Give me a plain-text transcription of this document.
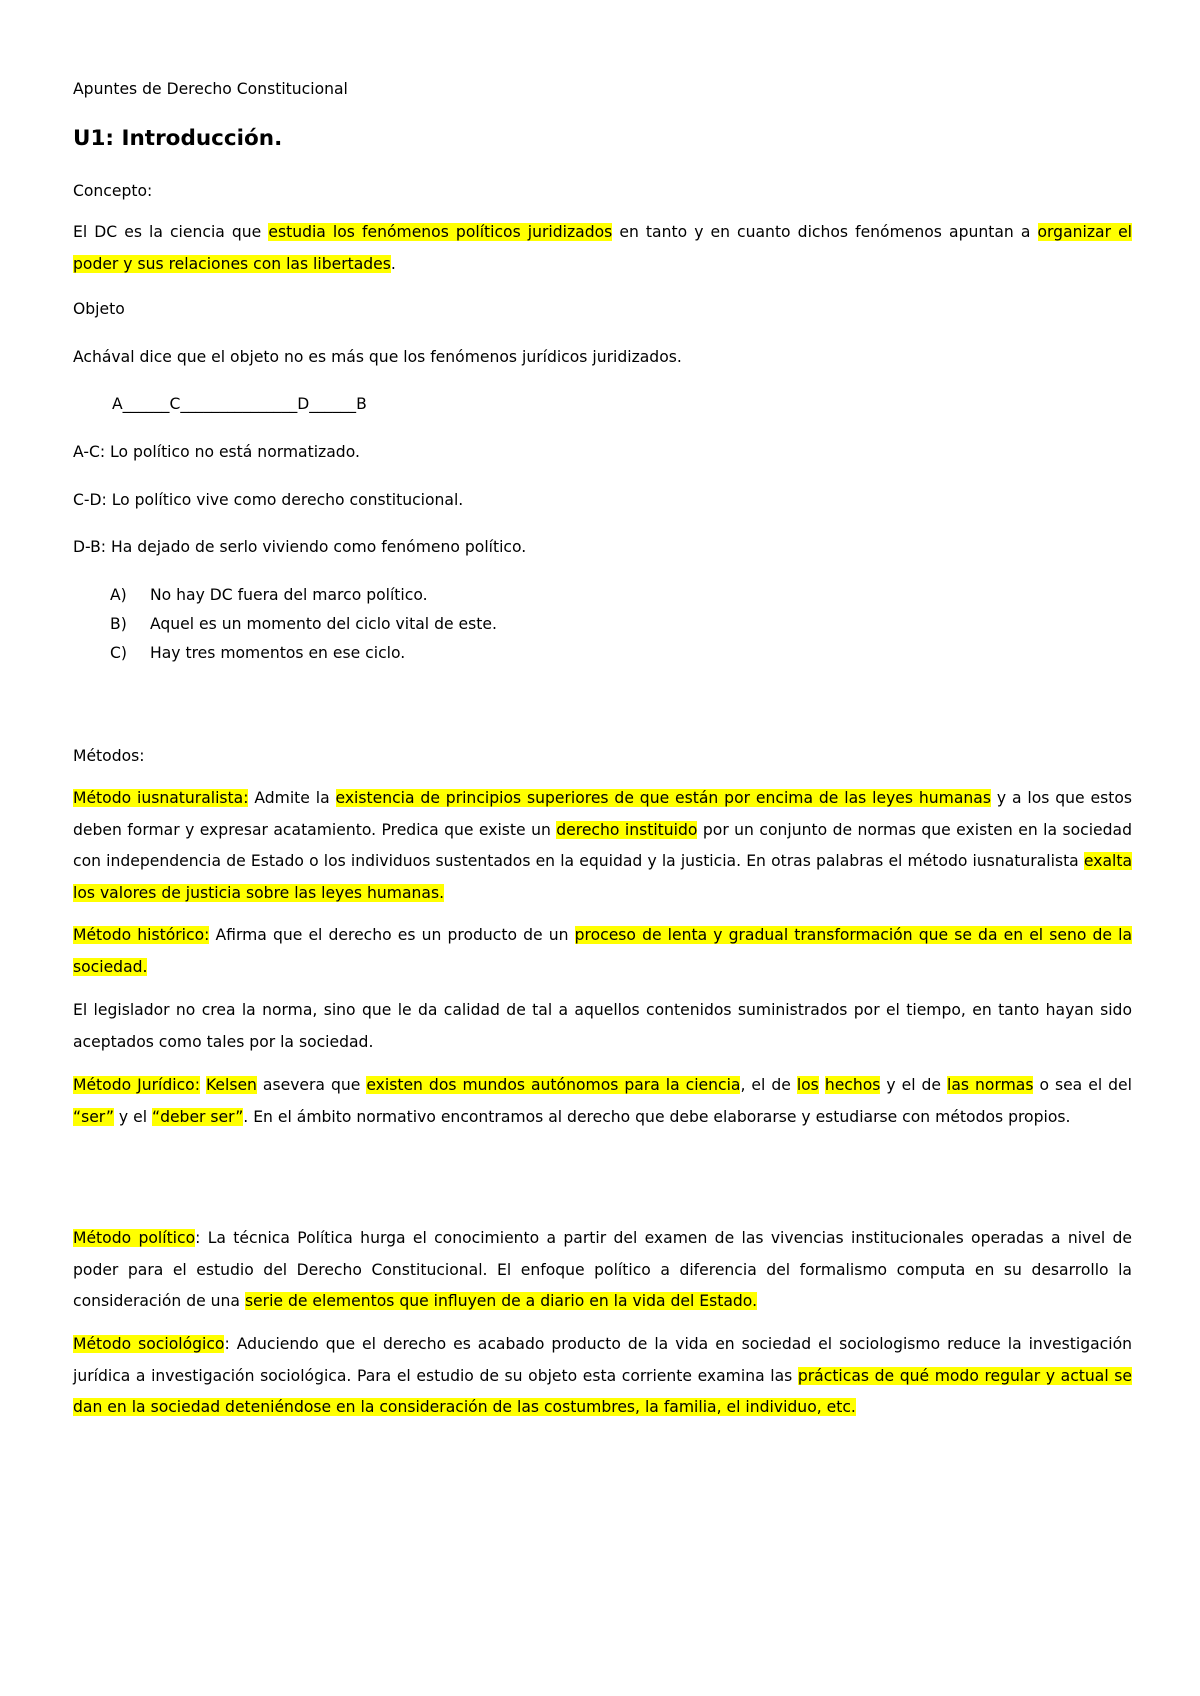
Apuntes de Derecho Constitucional
U1: Introducción.
Concepto:
El DC es la ciencia que estudia los fenómenos políticos juridizados en tanto y en cuanto dichos fenómenos apuntan a organizar el poder y sus relaciones con las libertades.
Objeto
Achával dice que el objeto no es más que los fenómenos jurídicos juridizados.
A______C_______________D______B
A-C: Lo político no está normatizado.
C-D: Lo político vive como derecho constitucional.
D-B: Ha dejado de serlo viviendo como fenómeno político.
A) No hay DC fuera del marco político.
B) Aquel es un momento del ciclo vital de este.
C) Hay tres momentos en ese ciclo.
Métodos:
Método iusnaturalista: Admite la existencia de principios superiores de que están por encima de las leyes humanas y a los que estos deben formar y expresar acatamiento. Predica que existe un derecho instituido por un conjunto de normas que existen en la sociedad con independencia de Estado o los individuos sustentados en la equidad y la justicia. En otras palabras el método iusnaturalista exalta los valores de justicia sobre las leyes humanas.
Método histórico: Afirma que el derecho es un producto de un proceso de lenta y gradual transformación que se da en el seno de la sociedad.
El legislador no crea la norma, sino que le da calidad de tal a aquellos contenidos suministrados por el tiempo, en tanto hayan sido aceptados como tales por la sociedad.
Método Jurídico: Kelsen asevera que existen dos mundos autónomos para la ciencia, el de los hechos y el de las normas o sea el del “ser” y el “deber ser”. En el ámbito normativo encontramos al derecho que debe elaborarse y estudiarse con métodos propios.
Método político: La técnica Política hurga el conocimiento a partir del examen de las vivencias institucionales operadas a nivel de poder para el estudio del Derecho Constitucional. El enfoque político a diferencia del formalismo computa en su desarrollo la consideración de una serie de elementos que influyen de a diario en la vida del Estado.
Método sociológico: Aduciendo que el derecho es acabado producto de la vida en sociedad el sociologismo reduce la investigación jurídica a investigación sociológica. Para el estudio de su objeto esta corriente examina las prácticas de qué modo regular y actual se dan en la sociedad deteniéndose en la consideración de las costumbres, la familia, el individuo, etc.
